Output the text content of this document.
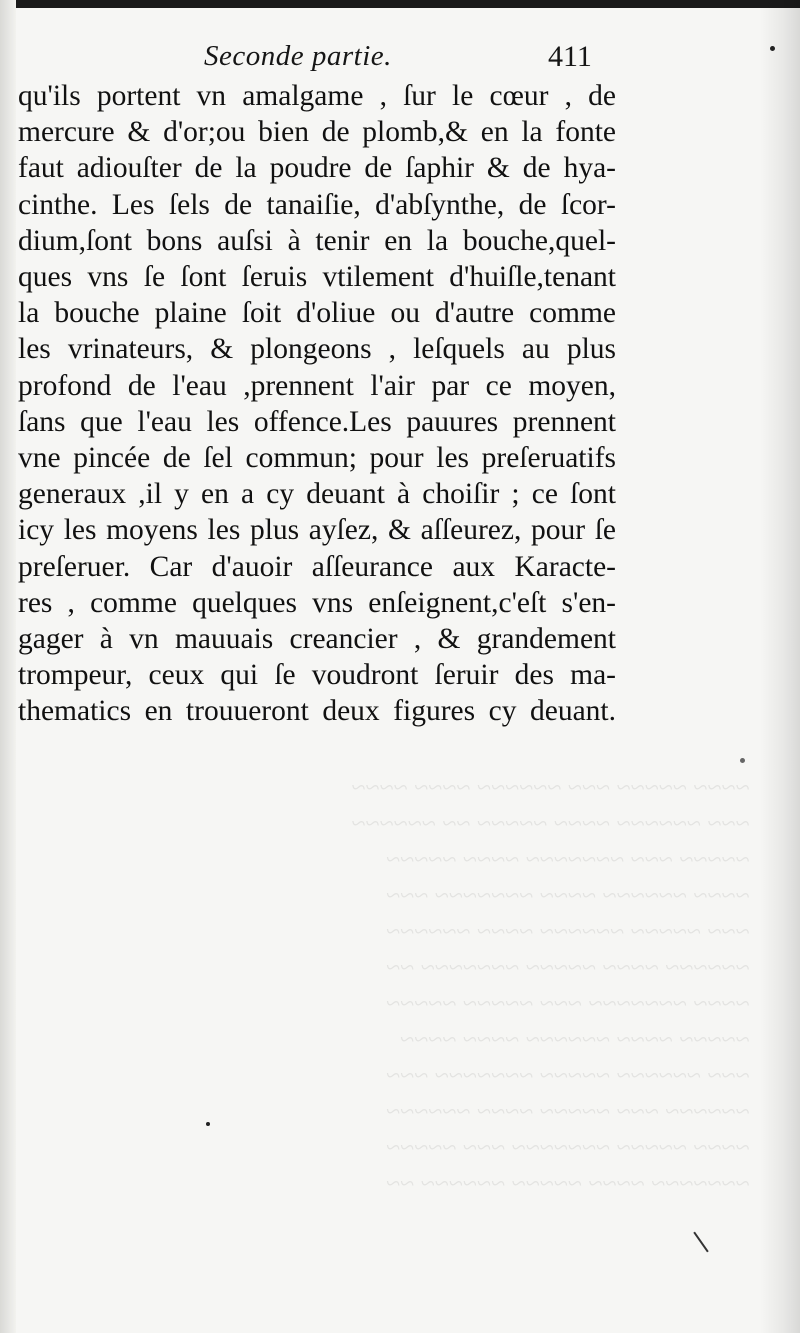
Seconde partie.	411
qu'ils portent vn amalgame , ſur le cœur , de
mercure & d'or;ou bien de plomb,& en la fonte
faut adiouſter de la poudre de ſaphir & de hya-
cinthe. Les ſels de tanaiſie, d'abſynthe, de ſcor-
dium,ſont bons auſsi à tenir en la bouche,quel-
ques vns ſe ſont ſeruis vtilement d'huiſle,tenant
la bouche plaine ſoit d'oliue ou d'autre comme
les vrinateurs, & plongeons , leſquels au plus
profond de l'eau ,prennent l'air par ce moyen,
ſans que l'eau les offence.Les pauures prennent
vne pincée de ſel commun; pour les preſeruatifs
generaux ,il y en a cy deuant à choiſir ; ce ſont
icy les moyens les plus ayſez, & aſſeurez, pour ſe
preſeruer. Car d'auoir aſſeurance aux Karactе-
res , comme quelques vns enſeignent,c'eſt s'en-
gager à vn mauuais creancier , & grandement
trompeur, ceux qui ſe voudront ſeruir des ma-
thematics en trouueront deux figures cy deuant.
~~~~ ~~~~~ ~~~ ~~~~~~ ~~~~ ~~~~
~~~ ~~~~~~ ~~~~ ~~~~~ ~~ ~~~~~~
~~~~~ ~~~ ~~~~~~~ ~~~~ ~~~~~
~~~~ ~~~~~~ ~~~~ ~~~~~~~ ~~~
~~~ ~~~~~ ~~~~~~ ~~~~ ~~~~~~
~~~~~~ ~~~~ ~~~~~ ~~~~~~~ ~~
~~~~ ~~~~~~~ ~~~ ~~~~~ ~~~~~
~~~~~ ~~~~ ~~~~~~ ~~~~ ~~~~
~~~ ~~~~~~ ~~~~~ ~~~~~~~ ~~~
~~~~~~ ~~~ ~~~~~ ~~~~ ~~~~~~
~~~~ ~~~~~ ~~~~~~~ ~~~ ~~~~~
~~~~~~~ ~~~~ ~~~~~ ~~~~~~ ~~
